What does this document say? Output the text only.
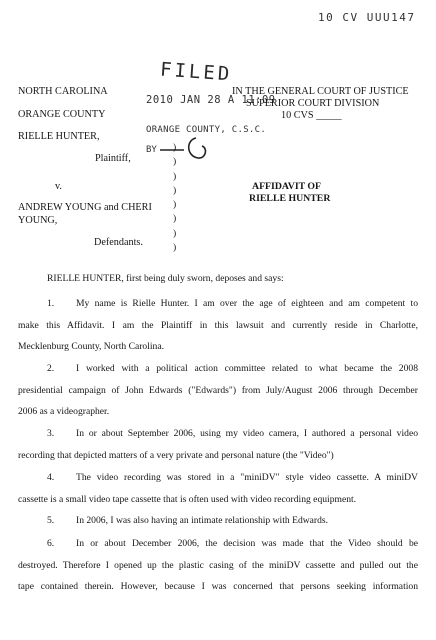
10 CV UUU147
FILED
2010 JAN 28 A 11:09
ORANGE COUNTY, C.S.C.
BY
NORTH CAROLINA
ORANGE COUNTY
IN THE GENERAL COURT OF JUSTICE
SUPERIOR COURT DIVISION
10 CVS _____
RIELLE HUNTER,
Plaintiff,
v.
ANDREW YOUNG and CHERI
YOUNG,
Defendants.
)
)
)
)
)
)
)
)
AFFIDAVIT OF
RIELLE HUNTER
RIELLE HUNTER, first being duly sworn, deposes and says:
1. My name is Rielle Hunter. I am over the age of eighteen and am competent to
make this Affidavit. I am the Plaintiff in this lawsuit and currently reside in Charlotte,
Mecklenburg County, North Carolina.
2. I worked with a political action committee related to what became the 2008
presidential campaign of John Edwards ("Edwards") from July/August 2006 through December
2006 as a videographer.
3. In or about September 2006, using my video camera, I authored a personal video
recording that depicted matters of a very private and personal nature (the "Video")
4. The video recording was stored in a "miniDV" style video cassette. A miniDV
cassette is a small video tape cassette that is often used with video recording equipment.
5. In 2006, I was also having an intimate relationship with Edwards.
6. In or about December 2006, the decision was made that the Video should be
destroyed. Therefore I opened up the plastic casing of the miniDV cassette and pulled out the
tape contained therein. However, because I was concerned that persons seeking information
